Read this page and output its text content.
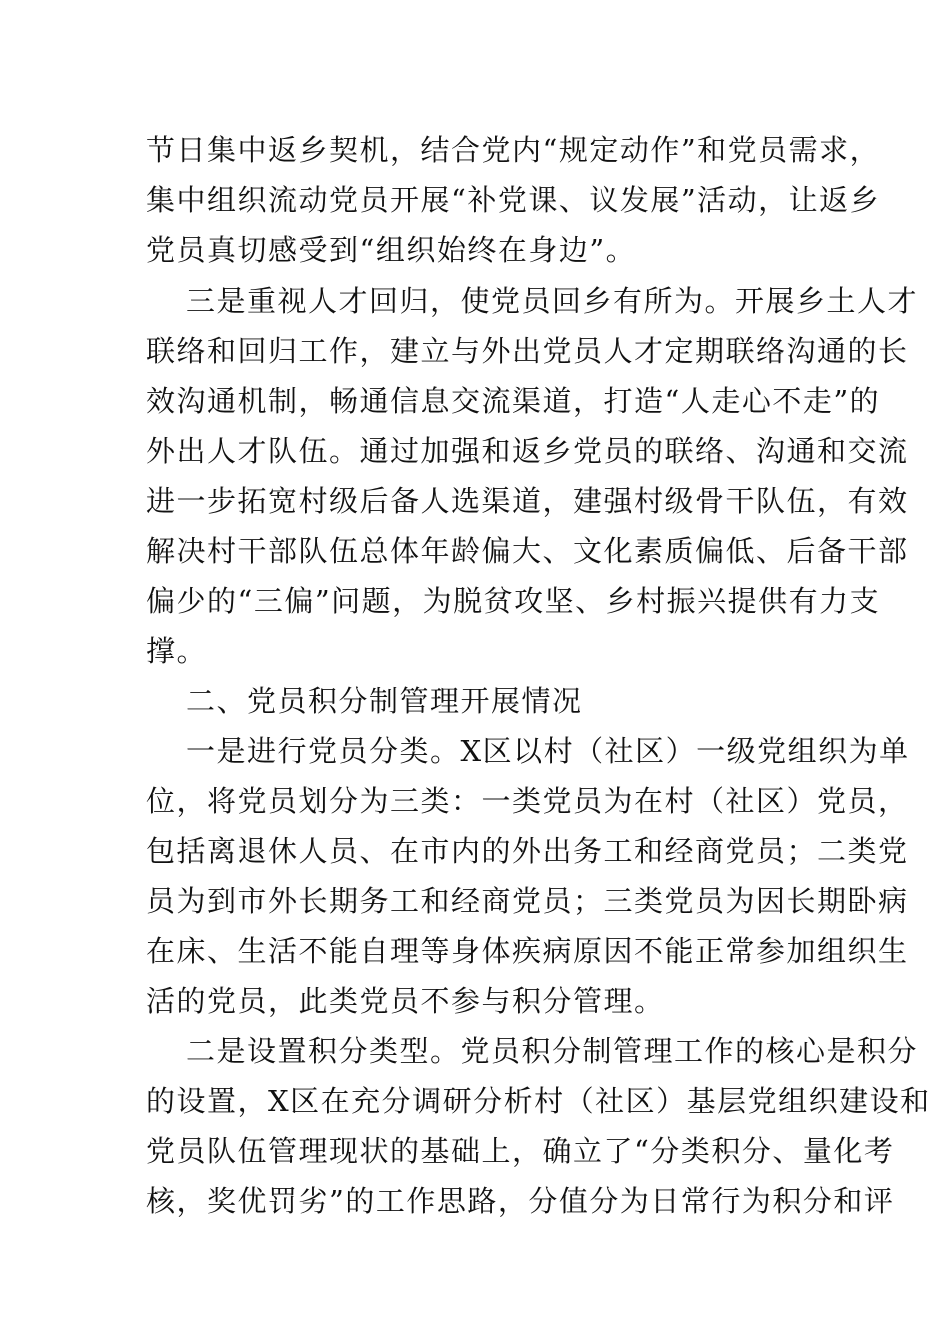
节日集中返乡契机，结合党内“规定动作”和党员需求，
集中组织流动党员开展“补党课、议发展”活动，让返乡
党员真切感受到“组织始终在身边”。
三是重视人才回归，使党员回乡有所为。开展乡土人才
联络和回归工作，建立与外出党员人才定期联络沟通的长
效沟通机制，畅通信息交流渠道，打造“人走心不走”的
外出人才队伍。通过加强和返乡党员的联络、沟通和交流
进一步拓宽村级后备人选渠道，建强村级骨干队伍，有效
解决村干部队伍总体年龄偏大、文化素质偏低、后备干部
偏少的“三偏”问题，为脱贫攻坚、乡村振兴提供有力支
撑。
二、党员积分制管理开展情况
一是进行党员分类。X区以村（社区）一级党组织为单
位，将党员划分为三类：一类党员为在村（社区）党员，
包括离退休人员、在市内的外出务工和经商党员；二类党
员为到市外长期务工和经商党员；三类党员为因长期卧病
在床、生活不能自理等身体疾病原因不能正常参加组织生
活的党员，此类党员不参与积分管理。
二是设置积分类型。党员积分制管理工作的核心是积分
的设置，X区在充分调研分析村（社区）基层党组织建设和
党员队伍管理现状的基础上，确立了“分类积分、量化考
核，奖优罚劣”的工作思路，分值分为日常行为积分和评
